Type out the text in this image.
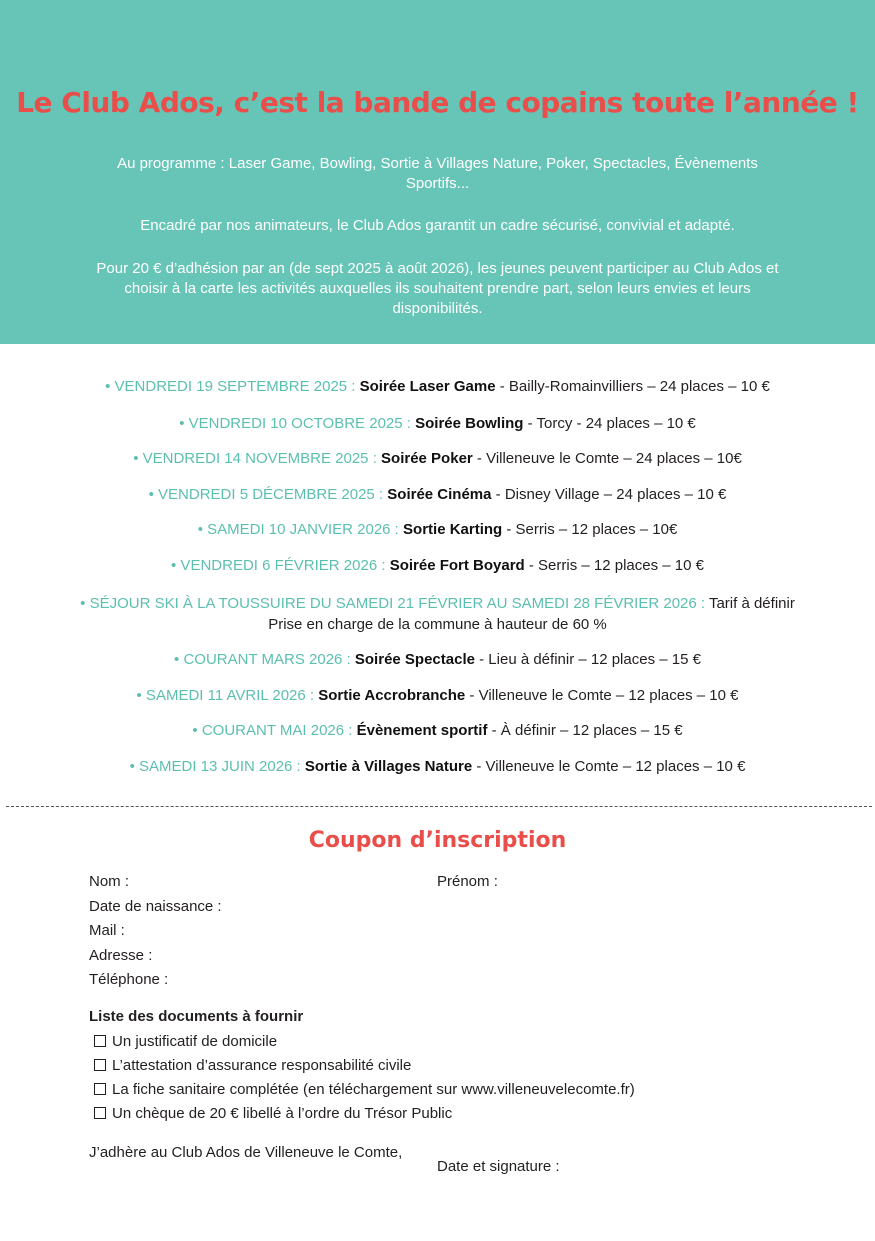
Le Club Ados, c’est la bande de copains toute l’année !
Au programme : Laser Game, Bowling, Sortie à Villages Nature, Poker, Spectacles, Évènements Sportifs...
Encadré par nos animateurs, le Club Ados garantit un cadre sécurisé, convivial et adapté.
Pour 20 € d’adhésion par an (de sept 2025 à août 2026), les jeunes peuvent participer au Club Ados et choisir à la carte les activités auxquelles ils souhaitent prendre part, selon leurs envies et leurs disponibilités.
• VENDREDI 19 SEPTEMBRE 2025 : Soirée Laser Game - Bailly-Romainvilliers – 24 places – 10 €
• VENDREDI 10 OCTOBRE 2025 : Soirée Bowling - Torcy - 24 places – 10 €
• VENDREDI 14 NOVEMBRE 2025 : Soirée Poker - Villeneuve le Comte – 24 places – 10€
• VENDREDI 5 DÉCEMBRE 2025 : Soirée Cinéma - Disney Village – 24 places – 10 €
• SAMEDI 10 JANVIER 2026 : Sortie Karting - Serris – 12 places – 10€
• VENDREDI 6 FÉVRIER 2026 : Soirée Fort Boyard - Serris – 12 places – 10 €
• SÉJOUR SKI À LA TOUSSUIRE DU SAMEDI 21 FÉVRIER AU SAMEDI 28 FÉVRIER 2026 : Tarif à définir
Prise en charge de la commune à hauteur de 60 %
• COURANT MARS 2026 : Soirée Spectacle - Lieu à définir – 12 places – 15 €
• SAMEDI 11 AVRIL 2026 : Sortie Accrobranche - Villeneuve le Comte – 12 places – 10 €
• COURANT MAI 2026 : Évènement sportif - À définir – 12 places – 15 €
• SAMEDI 13 JUIN 2026 : Sortie à Villages Nature - Villeneuve le Comte – 12 places – 10 €
Coupon d’inscription
Nom :	Prénom :
Date de naissance :
Mail :
Adresse :
Téléphone :
Liste des documents à fournir
Un justificatif de domicile
L’attestation d’assurance responsabilité civile
La fiche sanitaire complétée (en téléchargement sur www.villeneuvelecomte.fr)
Un chèque de 20 € libellé à l’ordre du Trésor Public
J’adhère au Club Ados de Villeneuve le Comte,
Date et signature :
